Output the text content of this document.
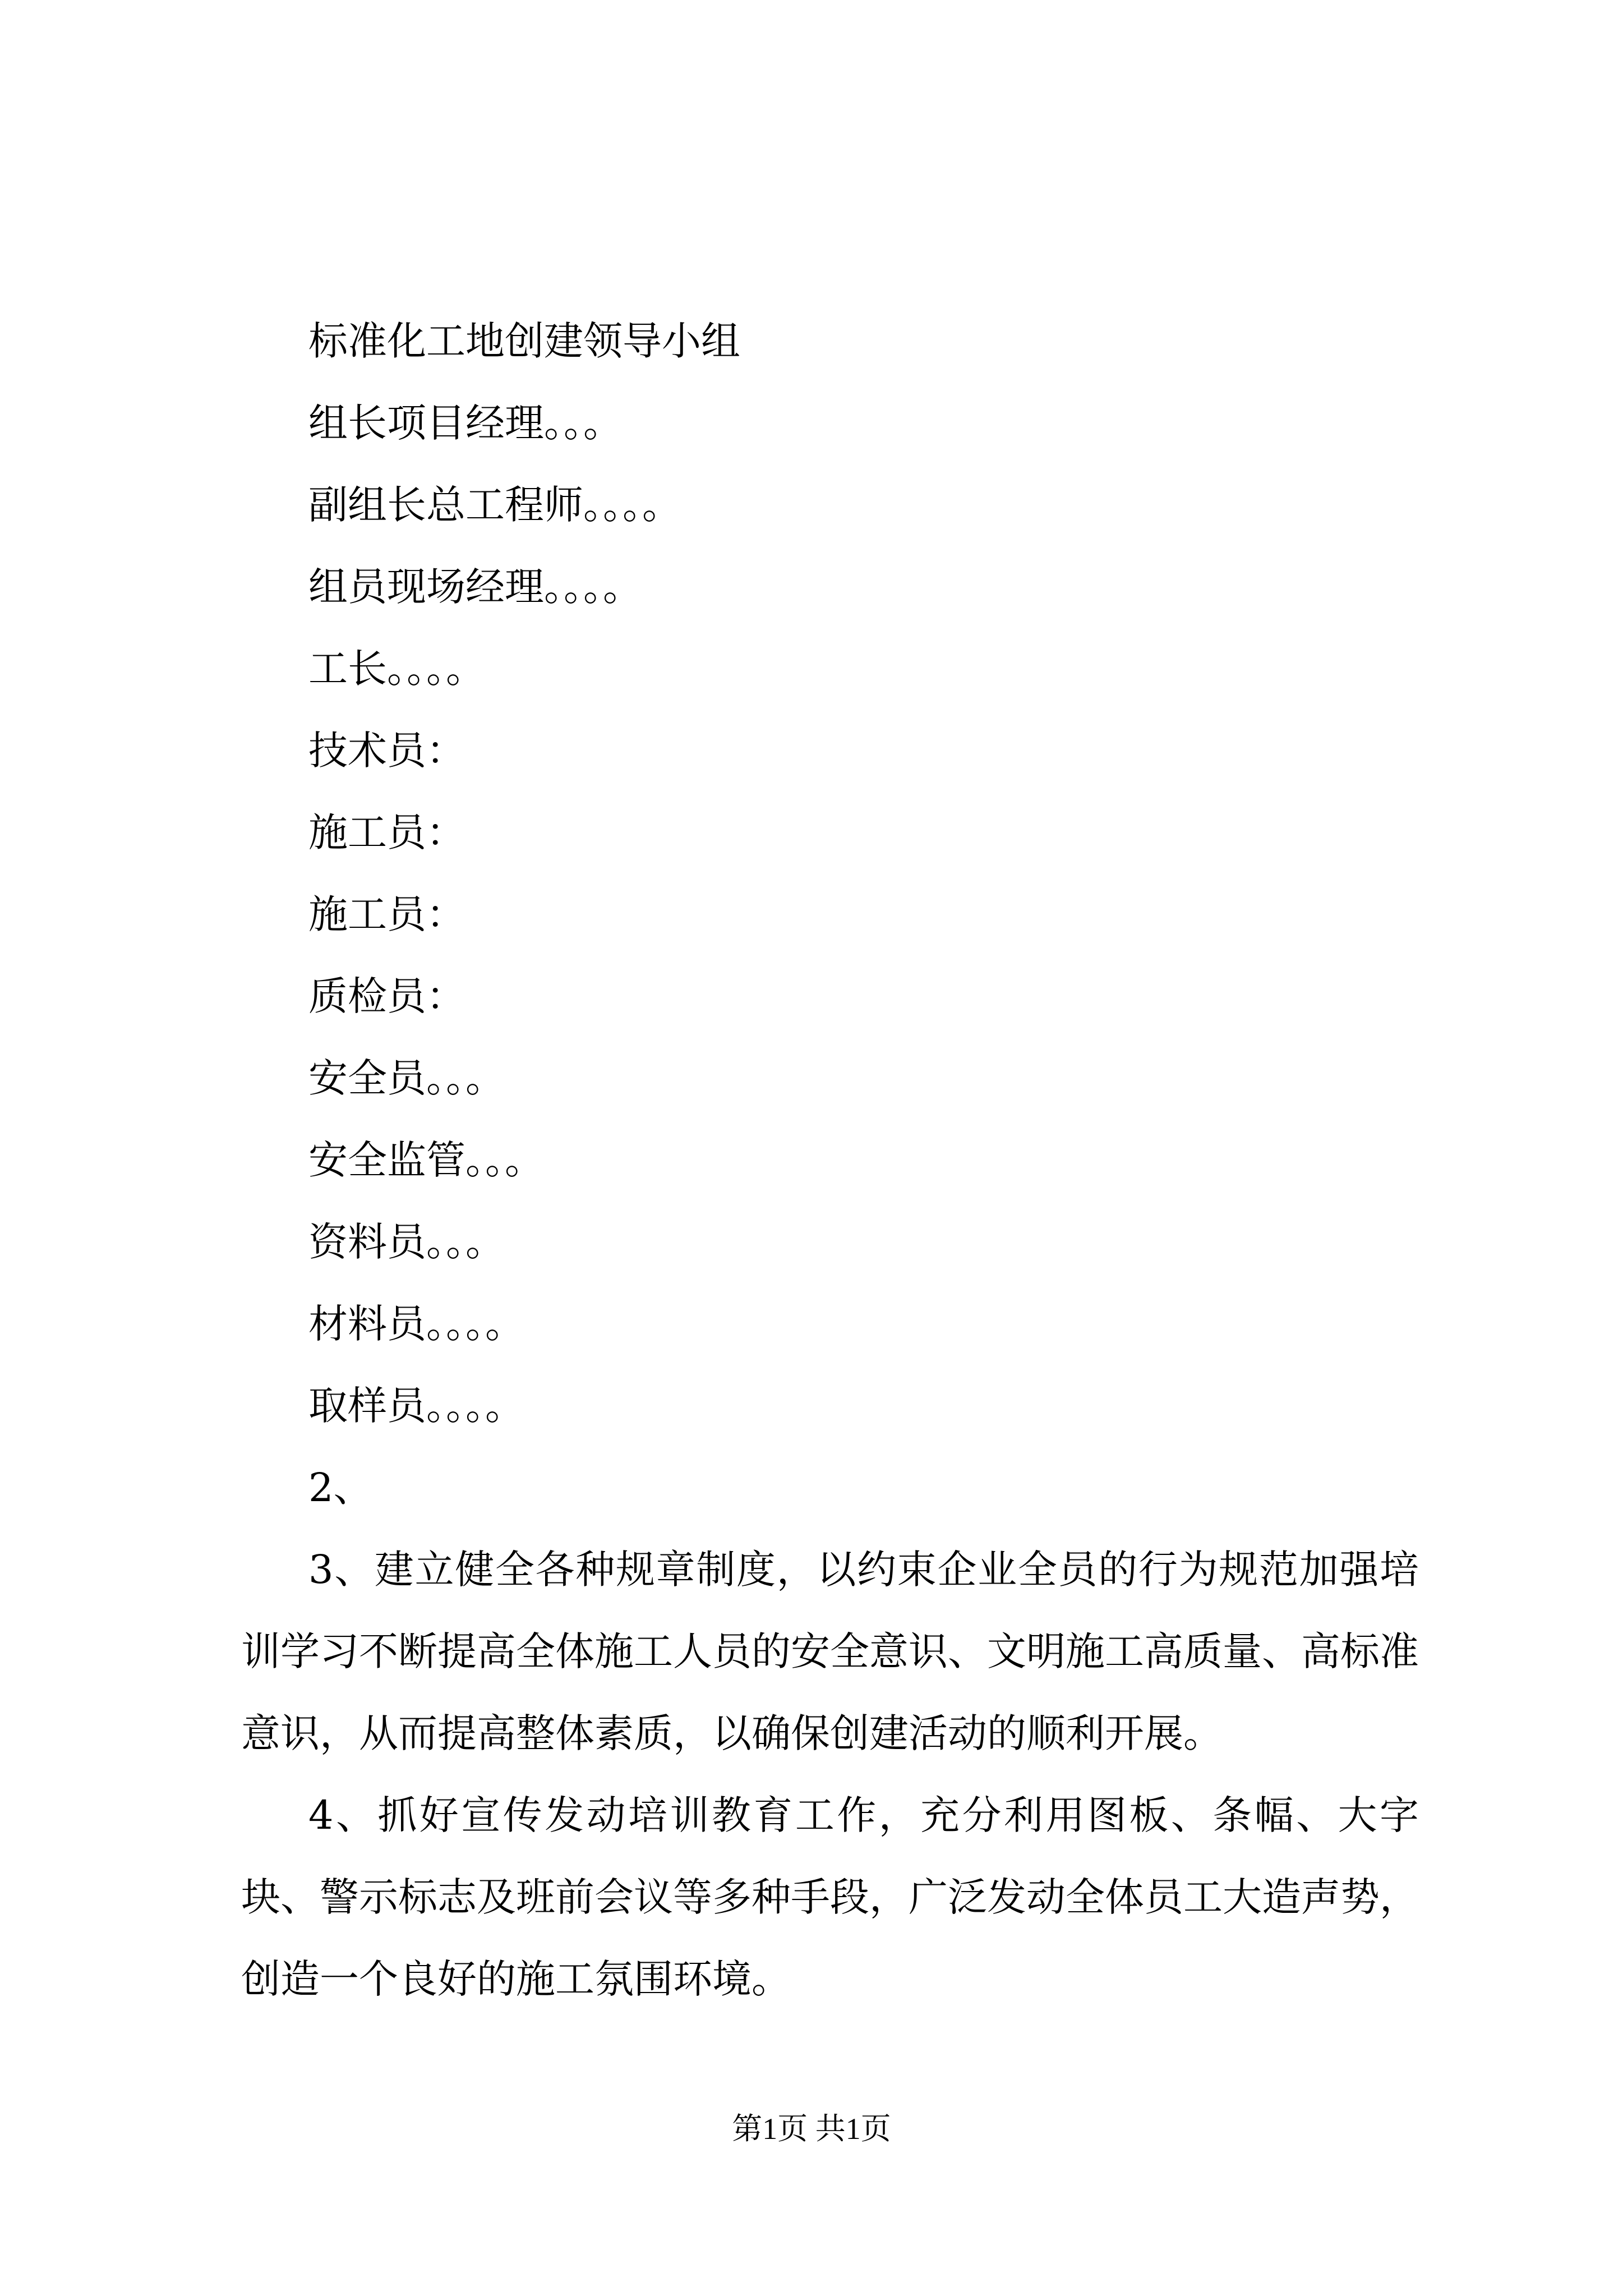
标准化工地创建领导小组

组长项目经理。。。

副组长总工程师。。。。

组员现场经理。。。。

工长。。。。

技术员：

施工员：

施工员：

质检员：

安全员。。。

安全监管。。。

资料员。。。

材料员。。。。

取样员。。。。

2、

3、建立健全各种规章制度，以约束企业全员的行为规范加强培训学习不断提高全体施工人员的安全意识、文明施工高质量、高标准意识，从而提高整体素质，以确保创建活动的顺利开展。

4、抓好宣传发动培训教育工作，充分利用图板、条幅、大字块、警示标志及班前会议等多种手段，广泛发动全体员工大造声势，创造一个良好的施工氛围环境。

第1页 共1页
